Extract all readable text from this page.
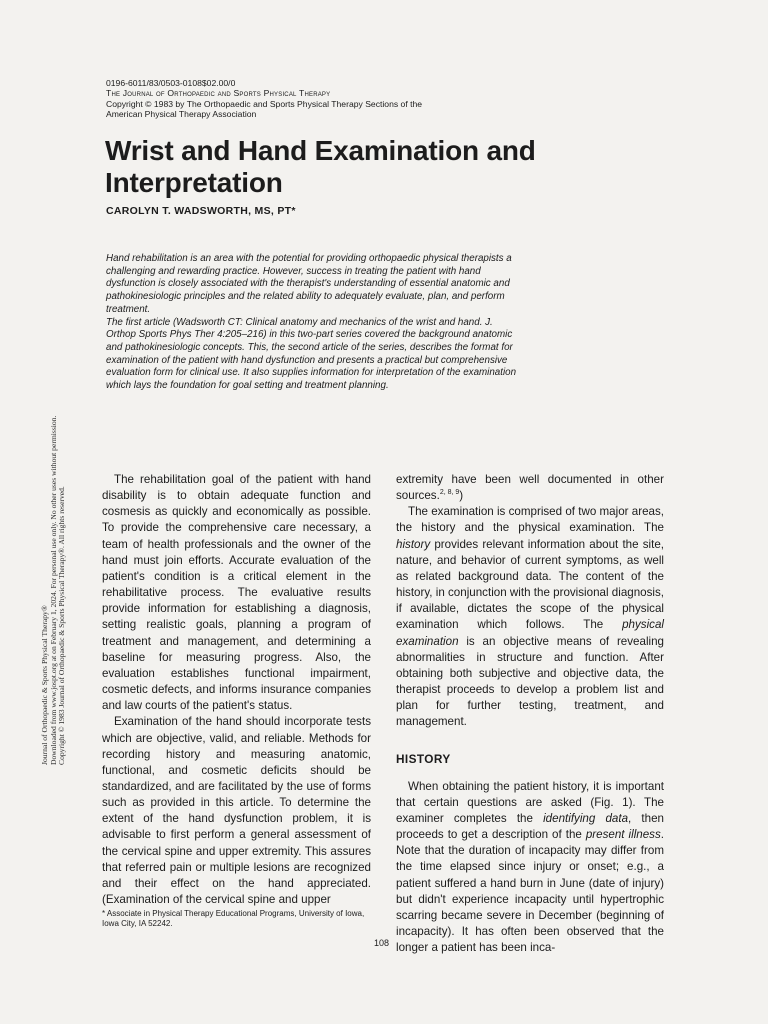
0196-6011/83/0503-0108$02.00/0
The Journal of Orthopaedic and Sports Physical Therapy
Copyright © 1983 by The Orthopaedic and Sports Physical Therapy Sections of the
American Physical Therapy Association
Wrist and Hand Examination and Interpretation
CAROLYN T. WADSWORTH, MS, PT*

Hand rehabilitation is an area with the potential for providing orthopaedic physical therapists a challenging and rewarding practice. However, success in treating the patient with hand dysfunction is closely associated with the therapist's understanding of essential anatomic and pathokinesiologic principles and the related ability to adequately evaluate, plan, and perform treatment.

The first article (Wadsworth CT: Clinical anatomy and mechanics of the wrist and hand. J. Orthop Sports Phys Ther 4:205–216) in this two-part series covered the background anatomic and pathokinesiologic concepts. This, the second article of the series, describes the format for examination of the patient with hand dysfunction and presents a practical but comprehensive evaluation form for clinical use. It also supplies information for interpretation of the examination which lays the foundation for goal setting and treatment planning.

The rehabilitation goal of the patient with hand disability is to obtain adequate function and cosmesis as quickly and economically as possible. To provide the comprehensive care necessary, a team of health professionals and the owner of the hand must join efforts. Accurate evaluation of the patient's condition is a critical element in the rehabilitative process. The evaluative results provide information for establishing a diagnosis, setting realistic goals, planning a program of treatment and management, and determining a baseline for measuring progress. Also, the evaluation establishes functional impairment, cosmetic defects, and informs insurance companies and law courts of the patient's status.

Examination of the hand should incorporate tests which are objective, valid, and reliable. Methods for recording history and measuring anatomic, functional, and cosmetic deficits should be standardized, and are facilitated by the use of forms such as provided in this article. To determine the extent of the hand dysfunction problem, it is advisable to first perform a general assessment of the cervical spine and upper extremity. This assures that referred pain or multiple lesions are recognized and their effect on the hand appreciated. (Examination of the cervical spine and upper

extremity have been well documented in other sources.$^{2, 8, 9}$)

The examination is comprised of two major areas, the history and the physical examination. The history provides relevant information about the site, nature, and behavior of current symptoms, as well as related background data. The content of the history, in conjunction with the provisional diagnosis, if available, dictates the scope of the physical examination which follows. The physical examination is an objective means of revealing abnormalities in structure and function. After obtaining both subjective and objective data, the therapist proceeds to develop a problem list and plan for further testing, treatment, and management.

HISTORY

When obtaining the patient history, it is important that certain questions are asked (Fig. 1). The examiner completes the identifying data, then proceeds to get a description of the present illness. Note that the duration of incapacity may differ from the time elapsed since injury or onset; e.g., a patient suffered a hand burn in June (date of injury) but didn't experience incapacity until hypertrophic scarring became severe in December (beginning of incapacity). It has often been observed that the longer a patient has been inca-

* Associate in Physical Therapy Educational Programs, University of Iowa, Iowa City, IA 52242.
108
Journal of Orthopaedic & Sports Physical Therapy® Downloaded from www.jospt.org at on February 1, 2024. For personal use only. No other uses without permission. Copyright © 1983 Journal of Orthopaedic & Sports Physical Therapy®. All rights reserved.
